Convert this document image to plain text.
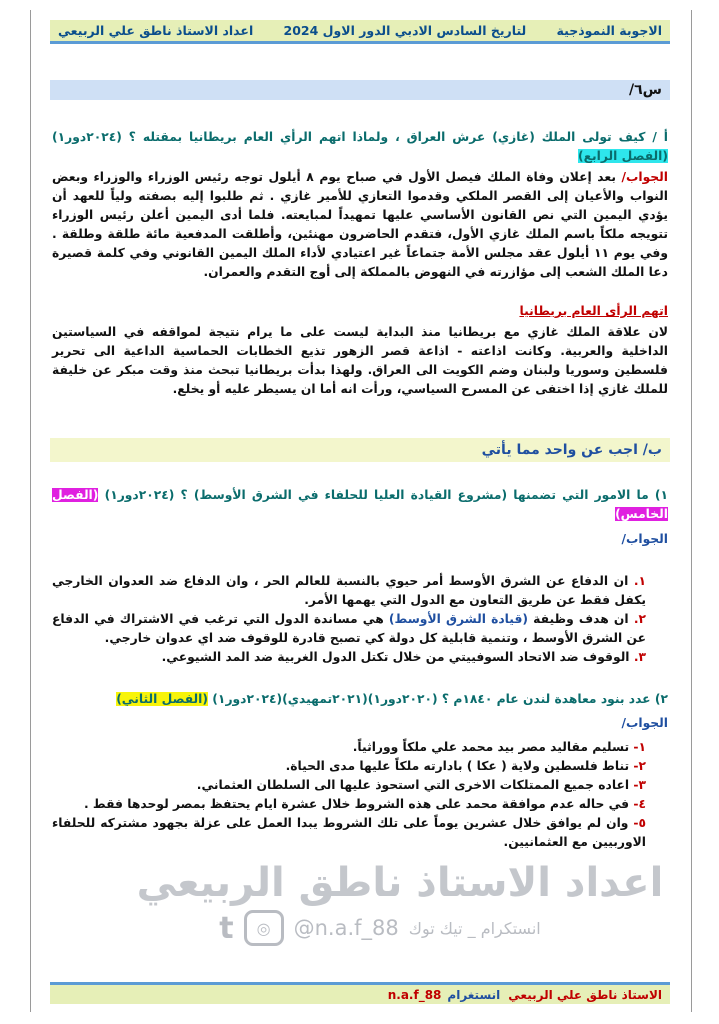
الاجوبة النموذجية
لتاريخ السادس الادبي الدور الاول 2024
اعداد الاستاذ ناطق علي الربيعي
س٦/
أ / كيف تولى الملك (غازي) عرش العراق ، ولماذا اتهم الرأي العام بريطانيا بمقتله ؟ (٢٠٢٤دور١) (الفصل الرابع)
الجواب/ بعد إعلان وفاة الملك فيصل الأول في صباح يوم ٨ أيلول توجه رئيس الوزراء والوزراء وبعض النواب والأعيان إلى القصر الملكي وقدموا التعازي للأمير غازي . ثم طلبوا إليه بصفته ولياً للعهد أن يؤدي اليمين التي نص القانون الأساسي عليها تمهيداً لمبايعته. فلما أدى اليمين أعلن رئيس الوزراء تتويجه ملكاً باسم الملك غازي الأول، فتقدم الحاضرون مهنئين، وأطلقت المدفعية مائة طلقة وطلقة . وفي يوم ١١ أيلول عقد مجلس الأمة جتماعاً غير اعتيادي لأداء الملك اليمين القانوني وفي كلمة قصيرة دعا الملك الشعب إلى مؤازرته في النهوض بالمملكة إلى أوج التقدم والعمران.
اتهم الرأى العام بريطانيا
لان علاقة الملك غازي مع بريطانيا منذ البداية ليست على ما يرام نتيجة لمواقفه في السياستين الداخلية والعربية. وكانت اذاعته - اذاعة قصر الزهور تذيع الخطابات الحماسية الداعية الى تحرير فلسطين وسوريا ولبنان وضم الكويت الى العراق. ولهذا بدأت بريطانيا تبحث منذ وقت مبكر عن خليفة للملك غازي إذا اختفى عن المسرح السياسي، ورأت انه أما ان يسيطر عليه أو يخلع.
ب/ اجب عن واحد مما يأتي
١) ما الامور التي تضمنها (مشروع القيادة العليا للحلفاء في الشرق الأوسط) ؟ (٢٠٢٤دور١) (الفصل الخامس)
الجواب/
١. ان الدفاع عن الشرق الأوسط أمر حيوي بالنسبة للعالم الحر ، وان الدفاع ضد العدوان الخارجي يكفل فقط عن طريق التعاون مع الدول التي يهمها الأمر.
٢. ان هدف وظيفة (قيادة الشرق الأوسط) هي مساندة الدول التي ترغب في الاشتراك في الدفاع عن الشرق الأوسط ، وتنمية قابلية كل دولة كي تصبح قادرة للوقوف ضد اي عدوان خارجي.
٣. الوقوف ضد الاتحاد السوفييتي من خلال تكتل الدول الغربية ضد المد الشيوعي.
٢) عدد بنود معاهدة لندن عام ١٨٤٠م ؟ (٢٠٢٠دور١)(٢٠٢١تمهيدي)(٢٠٢٤دور١) (الفصل الثاني)
الجواب/
١- تسليم مقاليد مصر بيد محمد علي ملكاً ووراثياً.
٢- تناط فلسطين ولاية ( عكا ) بادارته ملكاً عليها مدى الحياة.
٣- اعاده جميع الممتلكات الاخرى التي استحوذ عليها الى السلطان العثماني.
٤- في حاله عدم موافقة محمد على هذه الشروط خلال عشرة ايام يحتفظ بمصر لوحدها فقط .
٥- وان لم يوافق خلال عشرين يوماً على تلك الشروط يبدا العمل على عزلة بجهود مشتركه للحلفاء الاوربيين مع العثمانيين.
اعداد الاستاذ ناطق الربيعي
t	◎	@n.a.f_88 انستكرام _ تيك توك
الاستاذ ناطق علي الربيعي
انستغرام
n.a.f_88
